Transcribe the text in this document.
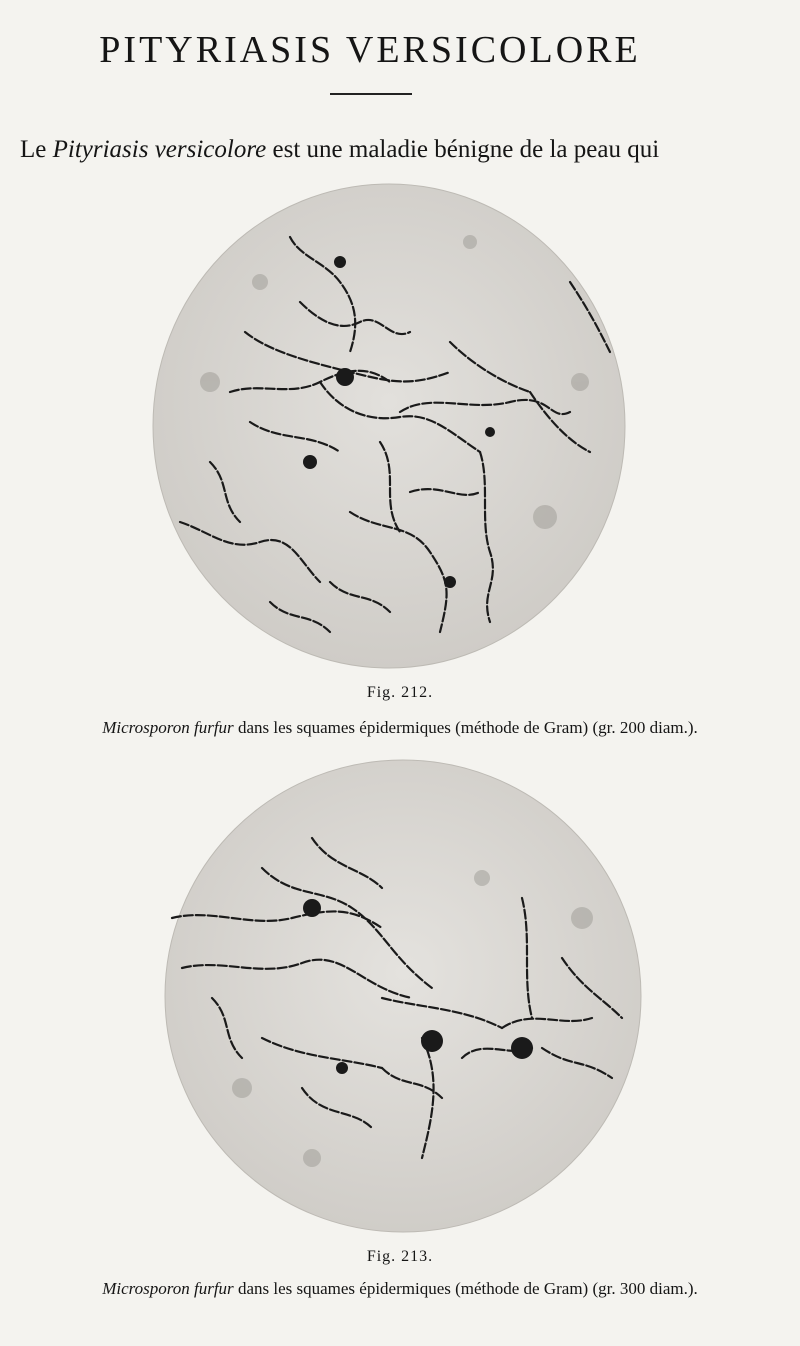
PITYRIASIS VERSICOLORE
Le Pityriasis versicolore est une maladie bénigne de la peau qui
Fig. 212.
Microsporon furfur dans les squames épidermiques (méthode de Gram) (gr. 200 diam.).
Fig. 213.
Microsporon furfur dans les squames épidermiques (méthode de Gram) (gr. 300 diam.).
